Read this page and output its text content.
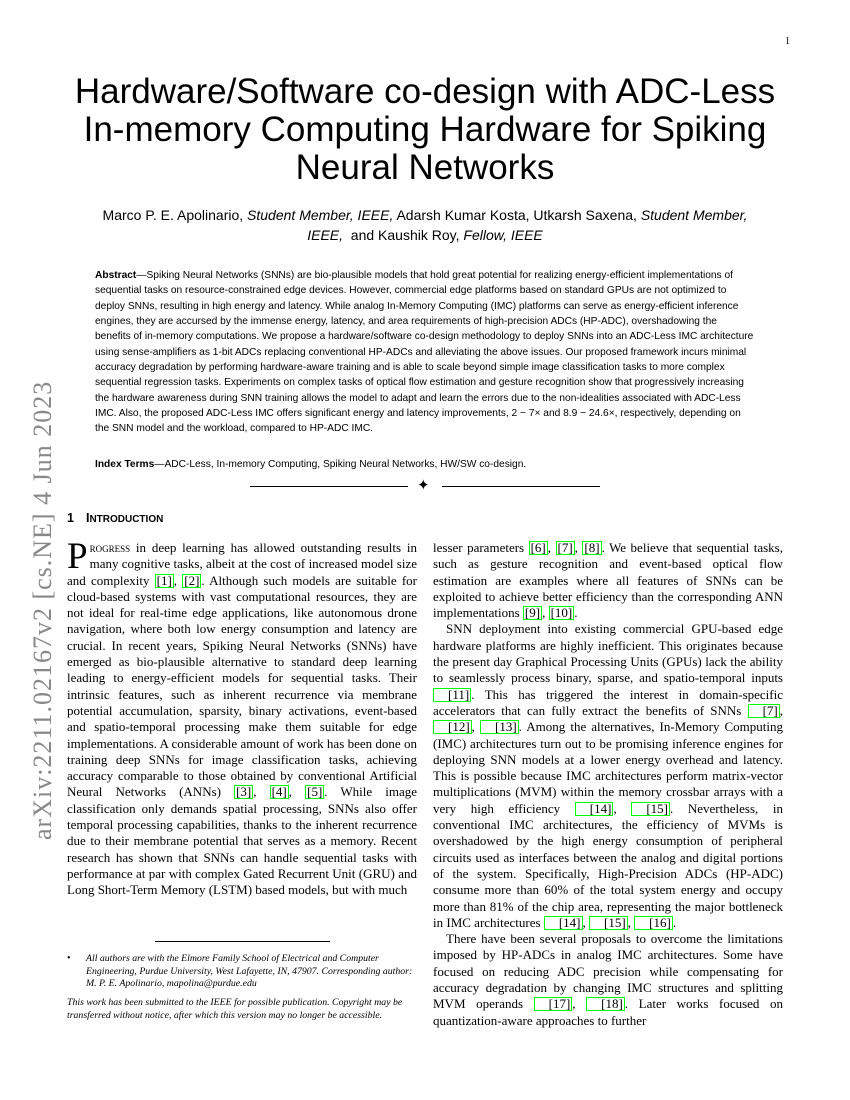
1
arXiv:2211.02167v2 [cs.NE] 4 Jun 2023
Hardware/Software co-design with ADC-Less In-memory Computing Hardware for Spiking Neural Networks
Marco P. E. Apolinario, Student Member, IEEE, Adarsh Kumar Kosta, Utkarsh Saxena, Student Member, IEEE, and Kaushik Roy, Fellow, IEEE
Abstract—Spiking Neural Networks (SNNs) are bio-plausible models that hold great potential for realizing energy-efficient implementations of sequential tasks on resource-constrained edge devices. However, commercial edge platforms based on standard GPUs are not optimized to deploy SNNs, resulting in high energy and latency. While analog In-Memory Computing (IMC) platforms can serve as energy-efficient inference engines, they are accursed by the immense energy, latency, and area requirements of high-precision ADCs (HP-ADC), overshadowing the benefits of in-memory computations. We propose a hardware/software co-design methodology to deploy SNNs into an ADC-Less IMC architecture using sense-amplifiers as 1-bit ADCs replacing conventional HP-ADCs and alleviating the above issues. Our proposed framework incurs minimal accuracy degradation by performing hardware-aware training and is able to scale beyond simple image classification tasks to more complex sequential regression tasks. Experiments on complex tasks of optical flow estimation and gesture recognition show that progressively increasing the hardware awareness during SNN training allows the model to adapt and learn the errors due to the non-idealities associated with ADC-Less IMC. Also, the proposed ADC-Less IMC offers significant energy and latency improvements, 2 − 7× and 8.9 − 24.6×, respectively, depending on the SNN model and the workload, compared to HP-ADC IMC.
Index Terms—ADC-Less, In-memory Computing, Spiking Neural Networks, HW/SW co-design.
✦
1 INTRODUCTION

Progress in deep learning has allowed outstanding results in many cognitive tasks, albeit at the cost of increased model size and complexity [1] , [2] . Although such models are suitable for cloud-based systems with vast computational resources, they are not ideal for real-time edge applications, like autonomous drone navigation, where both low energy consumption and latency are crucial. In recent years, Spiking Neural Networks (SNNs) have emerged as bio-plausible alternative to standard deep learning leading to energy-efficient models for sequential tasks. Their intrinsic features, such as inherent recurrence via membrane potential accumulation, sparsity, binary activations, event-based and spatio-temporal processing make them suitable for edge implementations. A considerable amount of work has been done on training deep SNNs for image classification tasks, achieving accuracy comparable to those obtained by conventional Artificial Neural Networks (ANNs) [3] , [4] , [5] . While image classification only demands spatial processing, SNNs also offer temporal processing capabilities, thanks to the inherent recurrence due to their membrane potential that serves as a memory. Recent research has shown that SNNs can handle sequential tasks with performance at par with complex Gated Recurrent Unit (GRU) and Long Short-Term Memory (LSTM) based models, but with much

lesser parameters [6] , [7] , [8] . We believe that sequential tasks, such as gesture recognition and event-based optical flow estimation are examples where all features of SNNs can be exploited to achieve better efficiency than the corresponding ANN implementations [9] , [10] .

SNN deployment into existing commercial GPU-based edge hardware platforms are highly inefficient. This originates because the present day Graphical Processing Units (GPUs) lack the ability to seamlessly process binary, sparse, and spatio-temporal inputs [11] . This has triggered the interest in domain-specific accelerators that can fully extract the benefits of SNNs [7] , [12] , [13] . Among the alternatives, In-Memory Computing (IMC) architectures turn out to be promising inference engines for deploying SNN models at a lower energy overhead and latency. This is possible because IMC architectures perform matrix-vector multiplications (MVM) within the memory crossbar arrays with a very high efficiency [14] , [15] . Nevertheless, in conventional IMC architectures, the efficiency of MVMs is overshadowed by the high energy consumption of peripheral circuits used as interfaces between the analog and digital portions of the system. Specifically, High-Precision ADCs (HP-ADC) consume more than 60% of the total system energy and occupy more than 81% of the chip area, representing the major bottleneck in IMC architectures [14] , [15] , [16] .

There have been several proposals to overcome the limitations imposed by HP-ADCs in analog IMC architectures. Some have focused on reducing ADC precision while compensating for accuracy degradation by changing IMC structures and splitting MVM operands [17] , [18] . Later works focused on quantization-aware approaches to further

• All authors are with the Elmore Family School of Electrical and Computer Engineering, Purdue University, West Lafayette, IN, 47907. Corresponding author: M. P. E. Apolinario, mapolina@purdue.edu
This work has been submitted to the IEEE for possible publication. Copyright may be transferred without notice, after which this version may no longer be accessible.
